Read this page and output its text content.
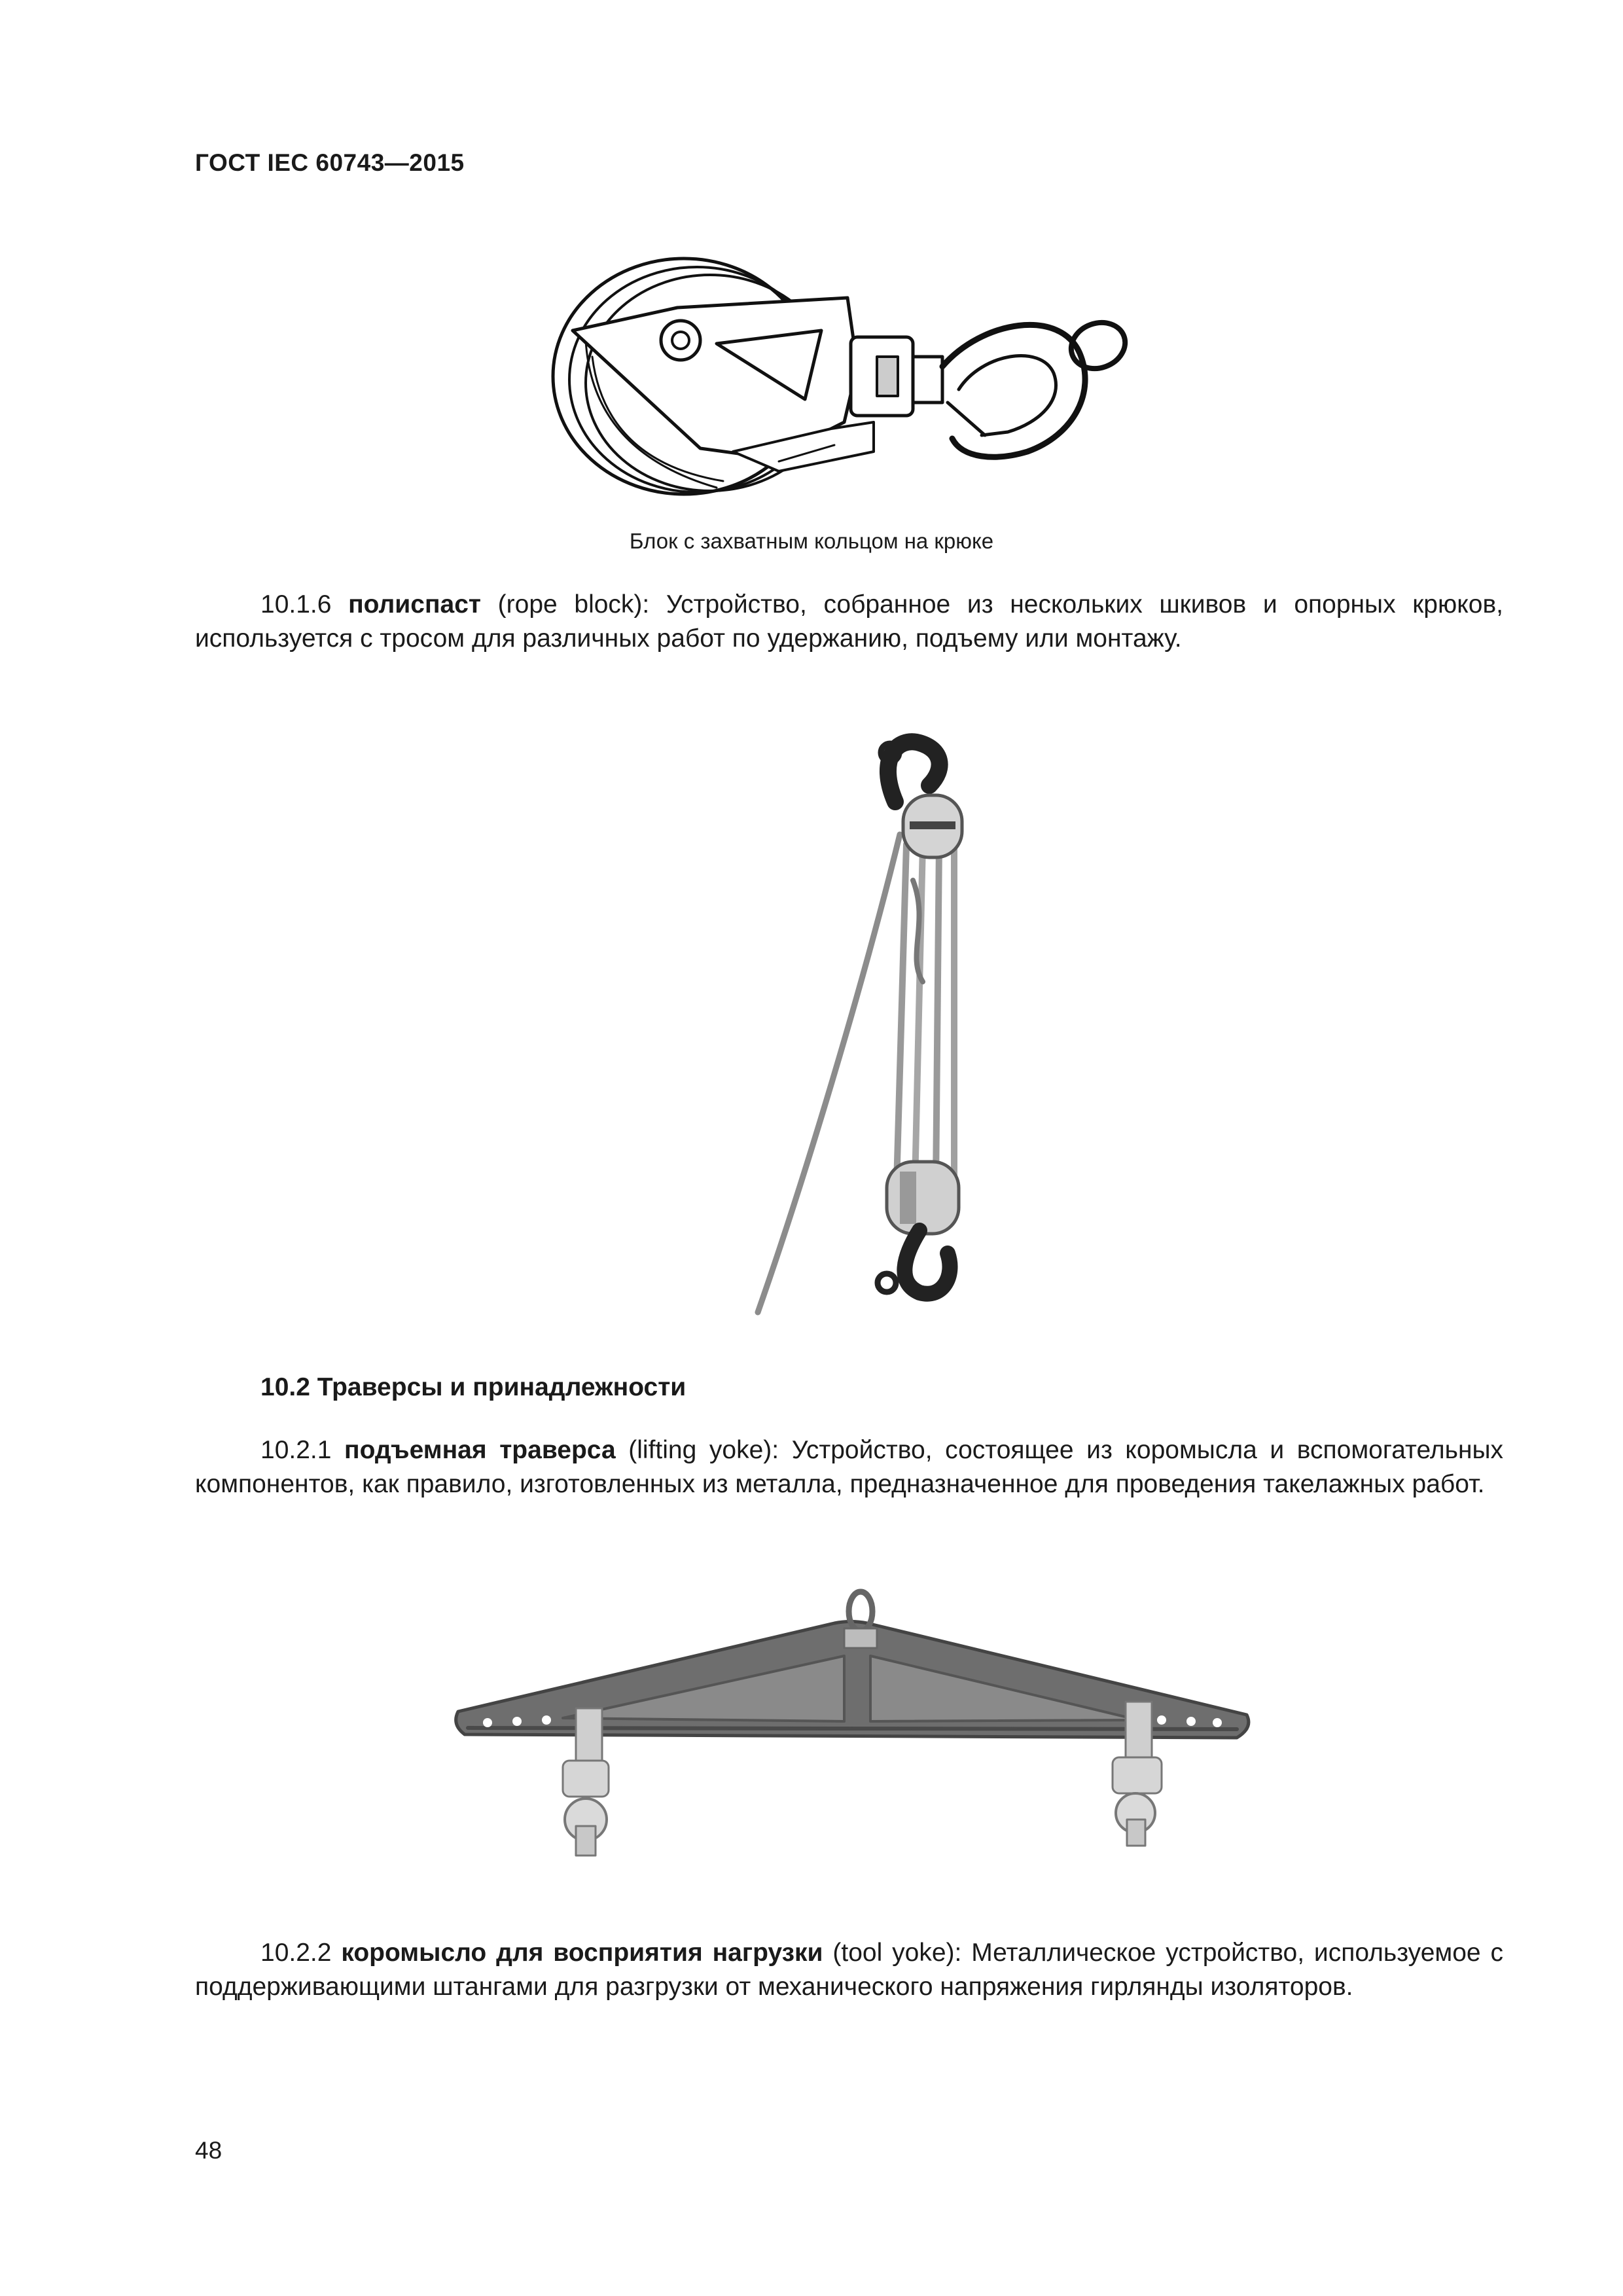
ГОСТ IEC 60743—2015
Блок с захватным кольцом на крюке
10.1.6 полиспаст (rope block): Устройство, собранное из нескольких шкивов и опорных крюков, используется с тросом для различных работ по удержанию, подъему или монтажу.
10.2 Траверсы и принадлежности
10.2.1 подъемная траверса (lifting yoke): Устройство, состоящее из коромысла и вспомогательных компонентов, как правило, изготовленных из металла, предназначенное для проведения такелажных работ.
10.2.2 коромысло для восприятия нагрузки (tool yoke): Металлическое устройство, используемое с поддерживающими штангами для разгрузки от механического напряжения гирлянды изоляторов.
48
